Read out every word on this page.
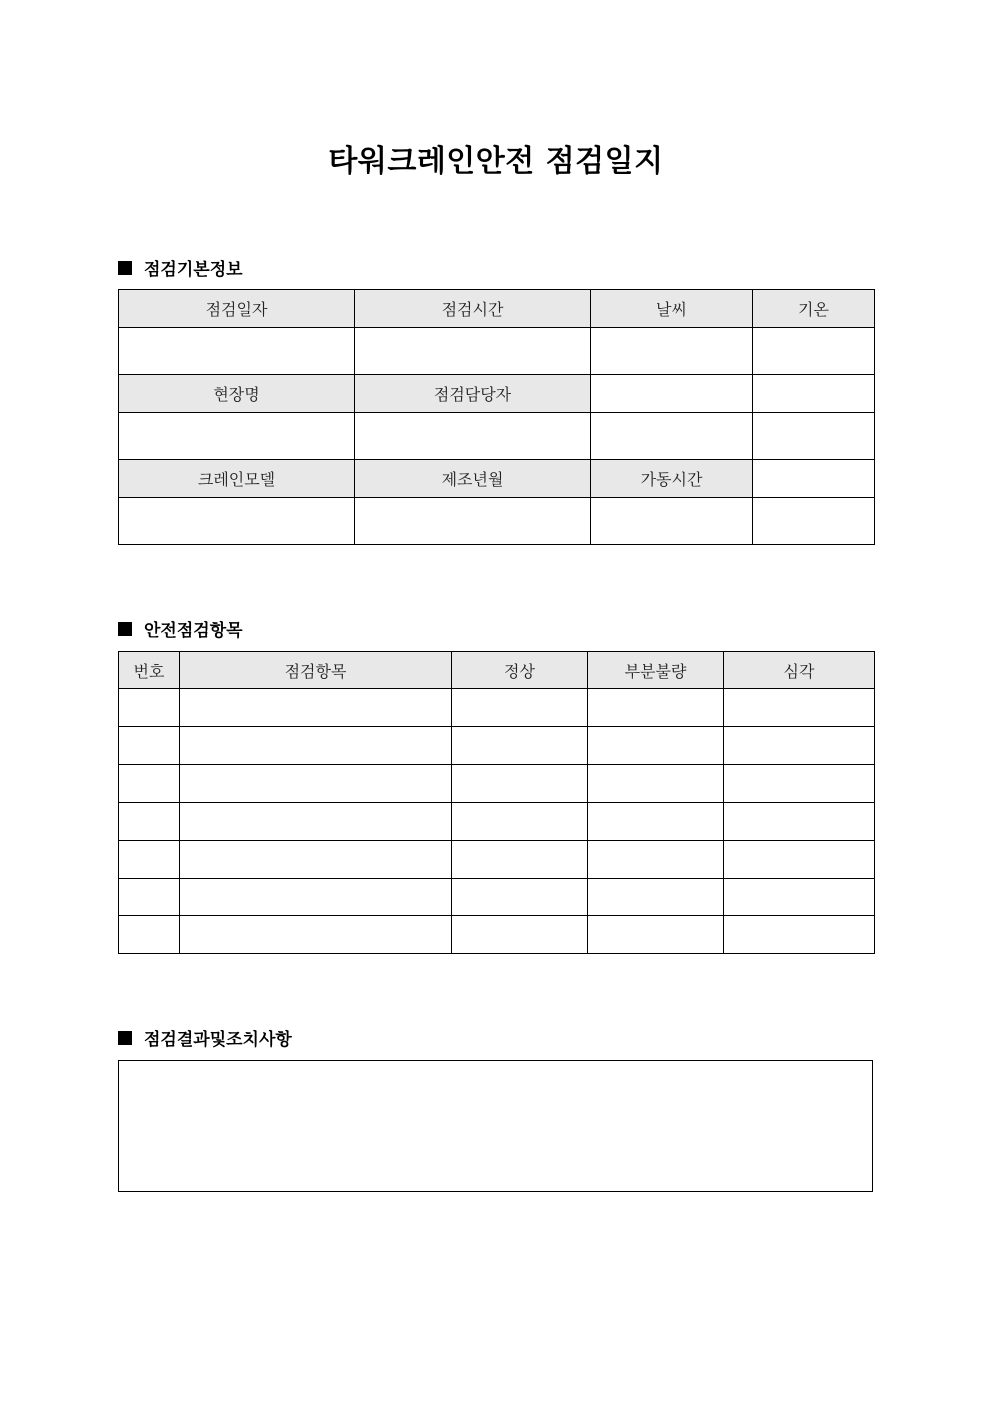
타워크레인안전 점검일지
점검기본정보
점검일자	점검시간	날씨	기온

현장명	점검담당자		

크레인모델	제조년월	가동시간	

안전점검항목
번호	점검항목	정상	부분불량	심각

점검결과및조치사항
